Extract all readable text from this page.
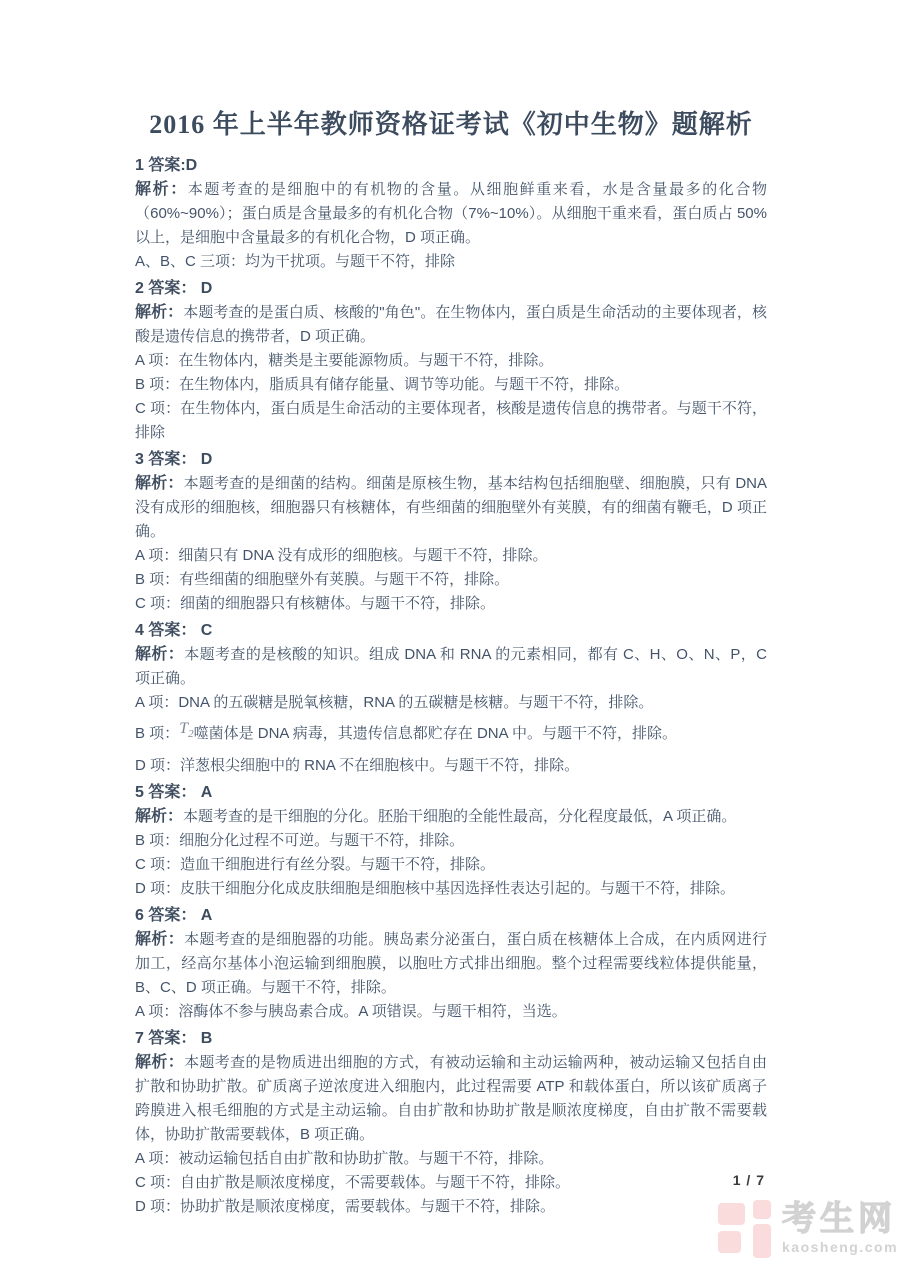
2016 年上半年教师资格证考试《初中生物》题解析

1 答案:D

解析：本题考查的是细胞中的有机物的含量。从细胞鲜重来看，水是含量最多的化合物（60%~90%）；蛋白质是含量最多的有机化合物（7%~10%）。从细胞干重来看，蛋白质占 50%以上，是细胞中含量最多的有机化合物，D 项正确。

A、B、C 三项：均为干扰项。与题干不符，排除

2 答案： D

解析：本题考查的是蛋白质、核酸的"角色"。在生物体内，蛋白质是生命活动的主要体现者，核酸是遗传信息的携带者，D 项正确。

A 项：在生物体内，糖类是主要能源物质。与题干不符，排除。

B 项：在生物体内，脂质具有储存能量、调节等功能。与题干不符，排除。

C 项：在生物体内，蛋白质是生命活动的主要体现者，核酸是遗传信息的携带者。与题干不符，排除

3 答案： D

解析：本题考查的是细菌的结构。细菌是原核生物，基本结构包括细胞壁、细胞膜，只有 DNA 没有成形的细胞核，细胞器只有核糖体，有些细菌的细胞壁外有荚膜，有的细菌有鞭毛，D 项正确。

A 项：细菌只有 DNA 没有成形的细胞核。与题干不符，排除。

B 项：有些细菌的细胞壁外有荚膜。与题干不符，排除。

C 项：细菌的细胞器只有核糖体。与题干不符，排除。

4 答案： C

解析：本题考查的是核酸的知识。组成 DNA 和 RNA 的元素相同，都有 C、H、O、N、P，C 项正确。

A 项：DNA 的五碳糖是脱氧核糖，RNA 的五碳糖是核糖。与题干不符，排除。

B 项：$T_2$噬菌体是 DNA 病毒，其遗传信息都贮存在 DNA 中。与题干不符，排除。

D 项：洋葱根尖细胞中的 RNA 不在细胞核中。与题干不符，排除。

5 答案： A

解析：本题考查的是干细胞的分化。胚胎干细胞的全能性最高，分化程度最低，A 项正确。

B 项：细胞分化过程不可逆。与题干不符，排除。

C 项：造血干细胞进行有丝分裂。与题干不符，排除。

D 项：皮肤干细胞分化成皮肤细胞是细胞核中基因选择性表达引起的。与题干不符，排除。

6 答案： A

解析：本题考查的是细胞器的功能。胰岛素分泌蛋白，蛋白质在核糖体上合成，在内质网进行加工，经高尔基体小泡运输到细胞膜，以胞吐方式排出细胞。整个过程需要线粒体提供能量，B、C、D 项正确。与题干不符，排除。

A 项：溶酶体不参与胰岛素合成。A 项错误。与题干相符，当选。

7 答案： B

解析：本题考查的是物质进出细胞的方式，有被动运输和主动运输两种，被动运输又包括自由扩散和协助扩散。矿质离子逆浓度进入细胞内，此过程需要 ATP 和载体蛋白，所以该矿质离子跨膜进入根毛细胞的方式是主动运输。自由扩散和协助扩散是顺浓度梯度，自由扩散不需要载体，协助扩散需要载体，B 项正确。

A 项：被动运输包括自由扩散和协助扩散。与题干不符，排除。

C 项：自由扩散是顺浓度梯度，不需要载体。与题干不符，排除。

D 项：协助扩散是顺浓度梯度，需要载体。与题干不符，排除。

1 / 7
考生网
kaosheng.com
